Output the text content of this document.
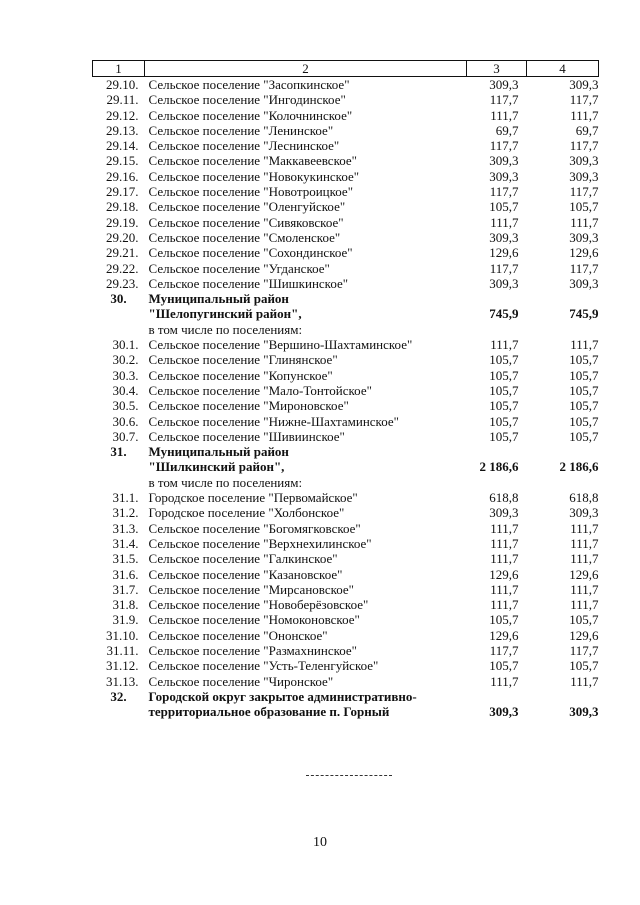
1	2	3	4
29.10.	Сельское поселение "Засопкинское"	309,3	309,3
29.11.	Сельское поселение "Ингодинское"	117,7	117,7
29.12.	Сельское поселение "Колочнинское"	111,7	111,7
29.13.	Сельское поселение "Ленинское"	69,7	69,7
29.14.	Сельское поселение "Леснинское"	117,7	117,7
29.15.	Сельское поселение "Маккавеевское"	309,3	309,3
29.16.	Сельское поселение "Новокукинское"	309,3	309,3
29.17.	Сельское поселение "Новотроицкое"	117,7	117,7
29.18.	Сельское поселение "Оленгуйское"	105,7	105,7
29.19.	Сельское поселение "Сивяковское"	111,7	111,7
29.20.	Сельское поселение "Смоленское"	309,3	309,3
29.21.	Сельское поселение "Сохондинское"	129,6	129,6
29.22.	Сельское поселение "Угданское"	117,7	117,7
29.23.	Сельское поселение "Шишкинское"	309,3	309,3
30.	Муниципальный район		
	"Шелопугинский район",	745,9	745,9
	в том числе по поселениям:		
30.1.	Сельское поселение "Вершино-Шахтаминское"	111,7	111,7
30.2.	Сельское поселение "Глинянское"	105,7	105,7
30.3.	Сельское поселение "Копунское"	105,7	105,7
30.4.	Сельское поселение "Мало-Тонтойское"	105,7	105,7
30.5.	Сельское поселение "Мироновское"	105,7	105,7
30.6.	Сельское поселение "Нижне-Шахтаминское"	105,7	105,7
30.7.	Сельское поселение "Шивиинское"	105,7	105,7
31.	Муниципальный район		
	"Шилкинский район",	2 186,6	2 186,6
	в том числе по поселениям:		
31.1.	Городское поселение "Первомайское"	618,8	618,8
31.2.	Городское поселение "Холбонское"	309,3	309,3
31.3.	Сельское поселение "Богомягковское"	111,7	111,7
31.4.	Сельское поселение "Верхнехилинское"	111,7	111,7
31.5.	Сельское поселение "Галкинское"	111,7	111,7
31.6.	Сельское поселение "Казановское"	129,6	129,6
31.7.	Сельское поселение "Мирсановское"	111,7	111,7
31.8.	Сельское поселение "Новоберёзовское"	111,7	111,7
31.9.	Сельское поселение "Номоконовское"	105,7	105,7
31.10.	Сельское поселение "Ононское"	129,6	129,6
31.11.	Сельское поселение "Размахнинское"	117,7	117,7
31.12.	Сельское поселение "Усть-Теленгуйское"	105,7	105,7
31.13.	Сельское поселение "Чиронское"	111,7	111,7
32.	Городской округ закрытое административно-		
	территориальное образование п. Горный	309,3	309,3
10
